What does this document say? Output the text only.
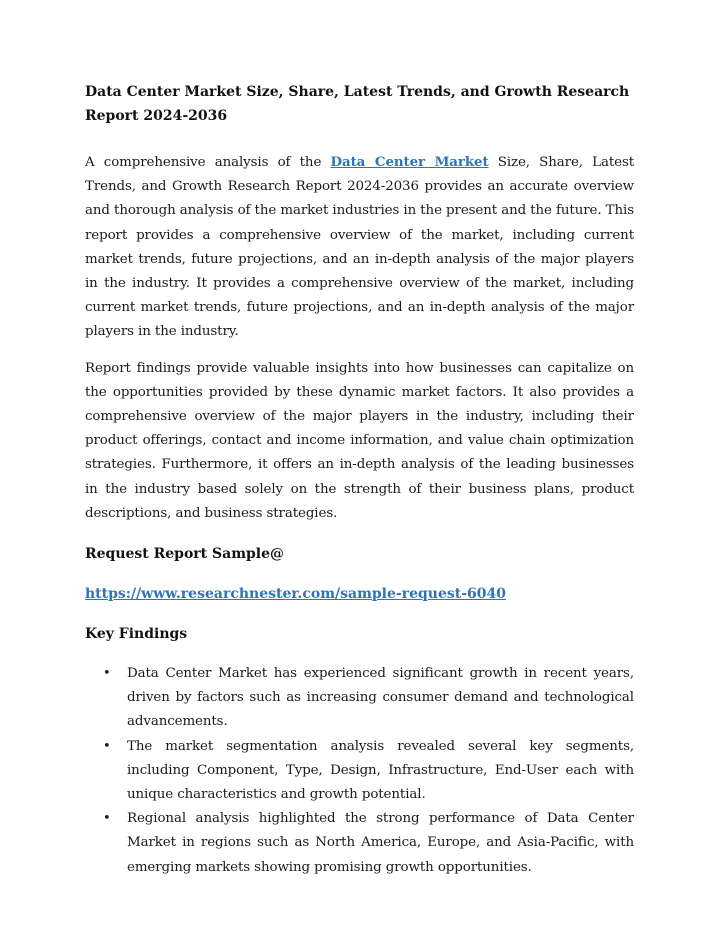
Data Center Market Size, Share, Latest Trends, and Growth Research Report 2024-2036

A comprehensive analysis of the Data Center Market Size, Share, Latest Trends, and Growth Research Report 2024-2036 provides an accurate overview and thorough analysis of the market industries in the present and the future. This report provides a comprehensive overview of the market, including current market trends, future projections, and an in-depth analysis of the major players in the industry. It provides a comprehensive overview of the market, including current market trends, future projections, and an in-depth analysis of the major players in the industry.

Report findings provide valuable insights into how businesses can capitalize on the opportunities provided by these dynamic market factors. It also provides a comprehensive overview of the major players in the industry, including their product offerings, contact and income information, and value chain optimization strategies. Furthermore, it offers an in-depth analysis of the leading businesses in the industry based solely on the strength of their business plans, product descriptions, and business strategies.

Request Report Sample@
https://www.researchnester.com/sample-request-6040
Key Findings
• Data Center Market has experienced significant growth in recent years, driven by factors such as increasing consumer demand and technological advancements.
• The market segmentation analysis revealed several key segments, including Component, Type, Design, Infrastructure, End-User each with unique characteristics and growth potential.
• Regional analysis highlighted the strong performance of Data Center Market in regions such as North America, Europe, and Asia-Pacific, with emerging markets showing promising growth opportunities.
